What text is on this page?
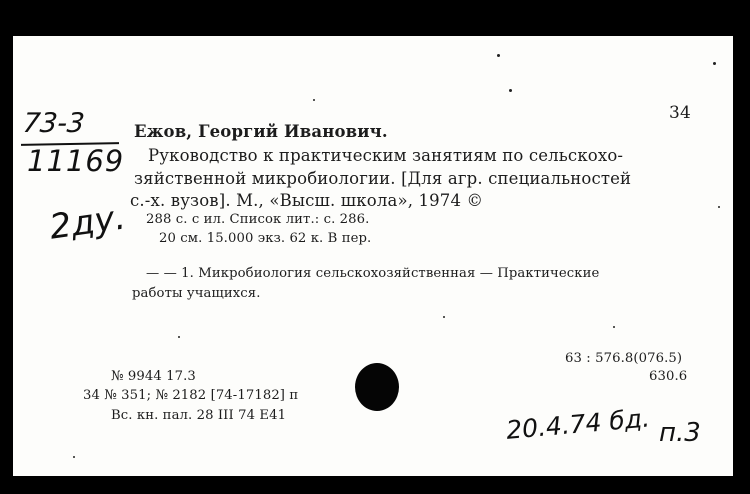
73-3
11169
2ду.
34
Ежов, Георгий Иванович.
Руководство к практическим занятиям по сельскохо-
зяйственной микробиологии. [Для агр. специальностей
с.-х. вузов]. М., «Высш. школа», 1974 ©
288 с. с ил. Список лит.: с. 286.
20 см. 15.000 экз. 62 к. В пер.
— — 1. Микробиология сельскохозяйственная — Практические
работы учащихся.
63 : 576.8(076.5)
630.6
№ 9944 17.3
34 № 351; № 2182 [74-17182] п
Вс. кн. пал. 28 III 74 Е41	20.4.74 бд. п.3
